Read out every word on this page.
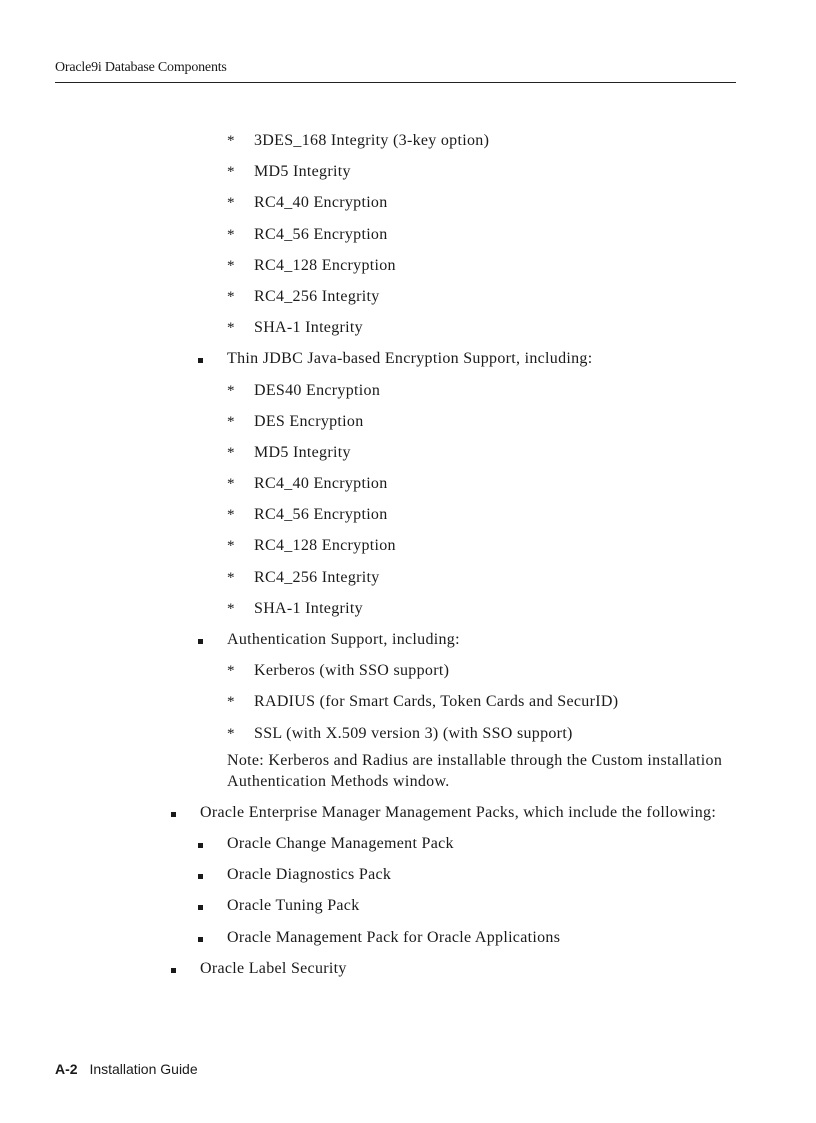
Oracle9i Database Components
* 3DES_168 Integrity (3-key option)
* MD5 Integrity
* RC4_40 Encryption
* RC4_56 Encryption
* RC4_128 Encryption
* RC4_256 Integrity
* SHA-1 Integrity
Thin JDBC Java-based Encryption Support, including:
* DES40 Encryption
* DES Encryption
* MD5 Integrity
* RC4_40 Encryption
* RC4_56 Encryption
* RC4_128 Encryption
* RC4_256 Integrity
* SHA-1 Integrity
Authentication Support, including:
* Kerberos (with SSO support)
* RADIUS (for Smart Cards, Token Cards and SecurID)
* SSL (with X.509 version 3) (with SSO support)
Note: Kerberos and Radius are installable through the Custom installation Authentication Methods window.
Oracle Enterprise Manager Management Packs, which include the following:
Oracle Change Management Pack
Oracle Diagnostics Pack
Oracle Tuning Pack
Oracle Management Pack for Oracle Applications
Oracle Label Security
A-2 Installation Guide
